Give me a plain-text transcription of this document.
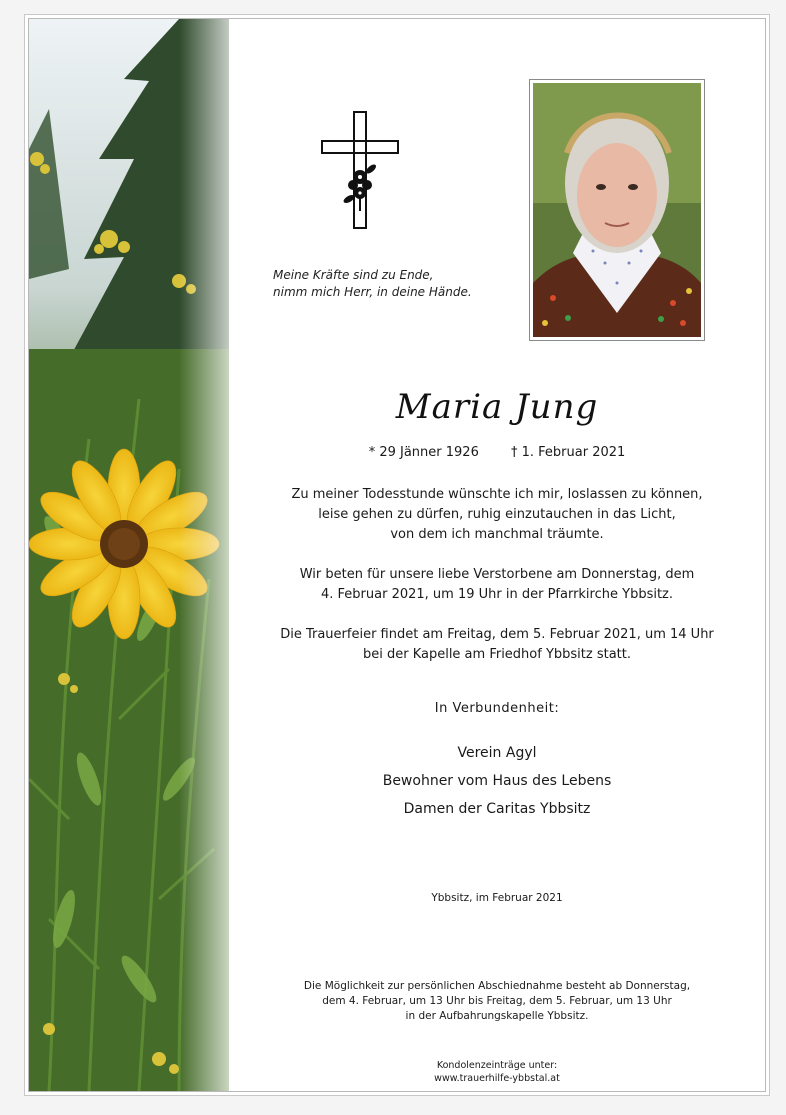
Meine Kräfte sind zu Ende,
nimm mich Herr, in deine Hände.
Maria Jung
* 29 Jänner 1926 † 1. Februar 2021
Zu meiner Todesstunde wünschte ich mir, loslassen zu können,
leise gehen zu dürfen, ruhig einzutauchen in das Licht,
von dem ich manchmal träumte.
Wir beten für unsere liebe Verstorbene am Donnerstag, dem
4. Februar 2021, um 19 Uhr in der Pfarrkirche Ybbsitz.
Die Trauerfeier findet am Freitag, dem 5. Februar 2021, um 14 Uhr
bei der Kapelle am Friedhof Ybbsitz statt.
In Verbundenheit:
Verein Agyl
Bewohner vom Haus des Lebens
Damen der Caritas Ybbsitz
Ybbsitz, im Februar 2021
Die Möglichkeit zur persönlichen Abschiednahme besteht ab Donnerstag,
dem 4. Februar, um 13 Uhr bis Freitag, dem 5. Februar, um 13 Uhr
in der Aufbahrungskapelle Ybbsitz.
Kondolenzeinträge unter:
www.trauerhilfe-ybbstal.at
